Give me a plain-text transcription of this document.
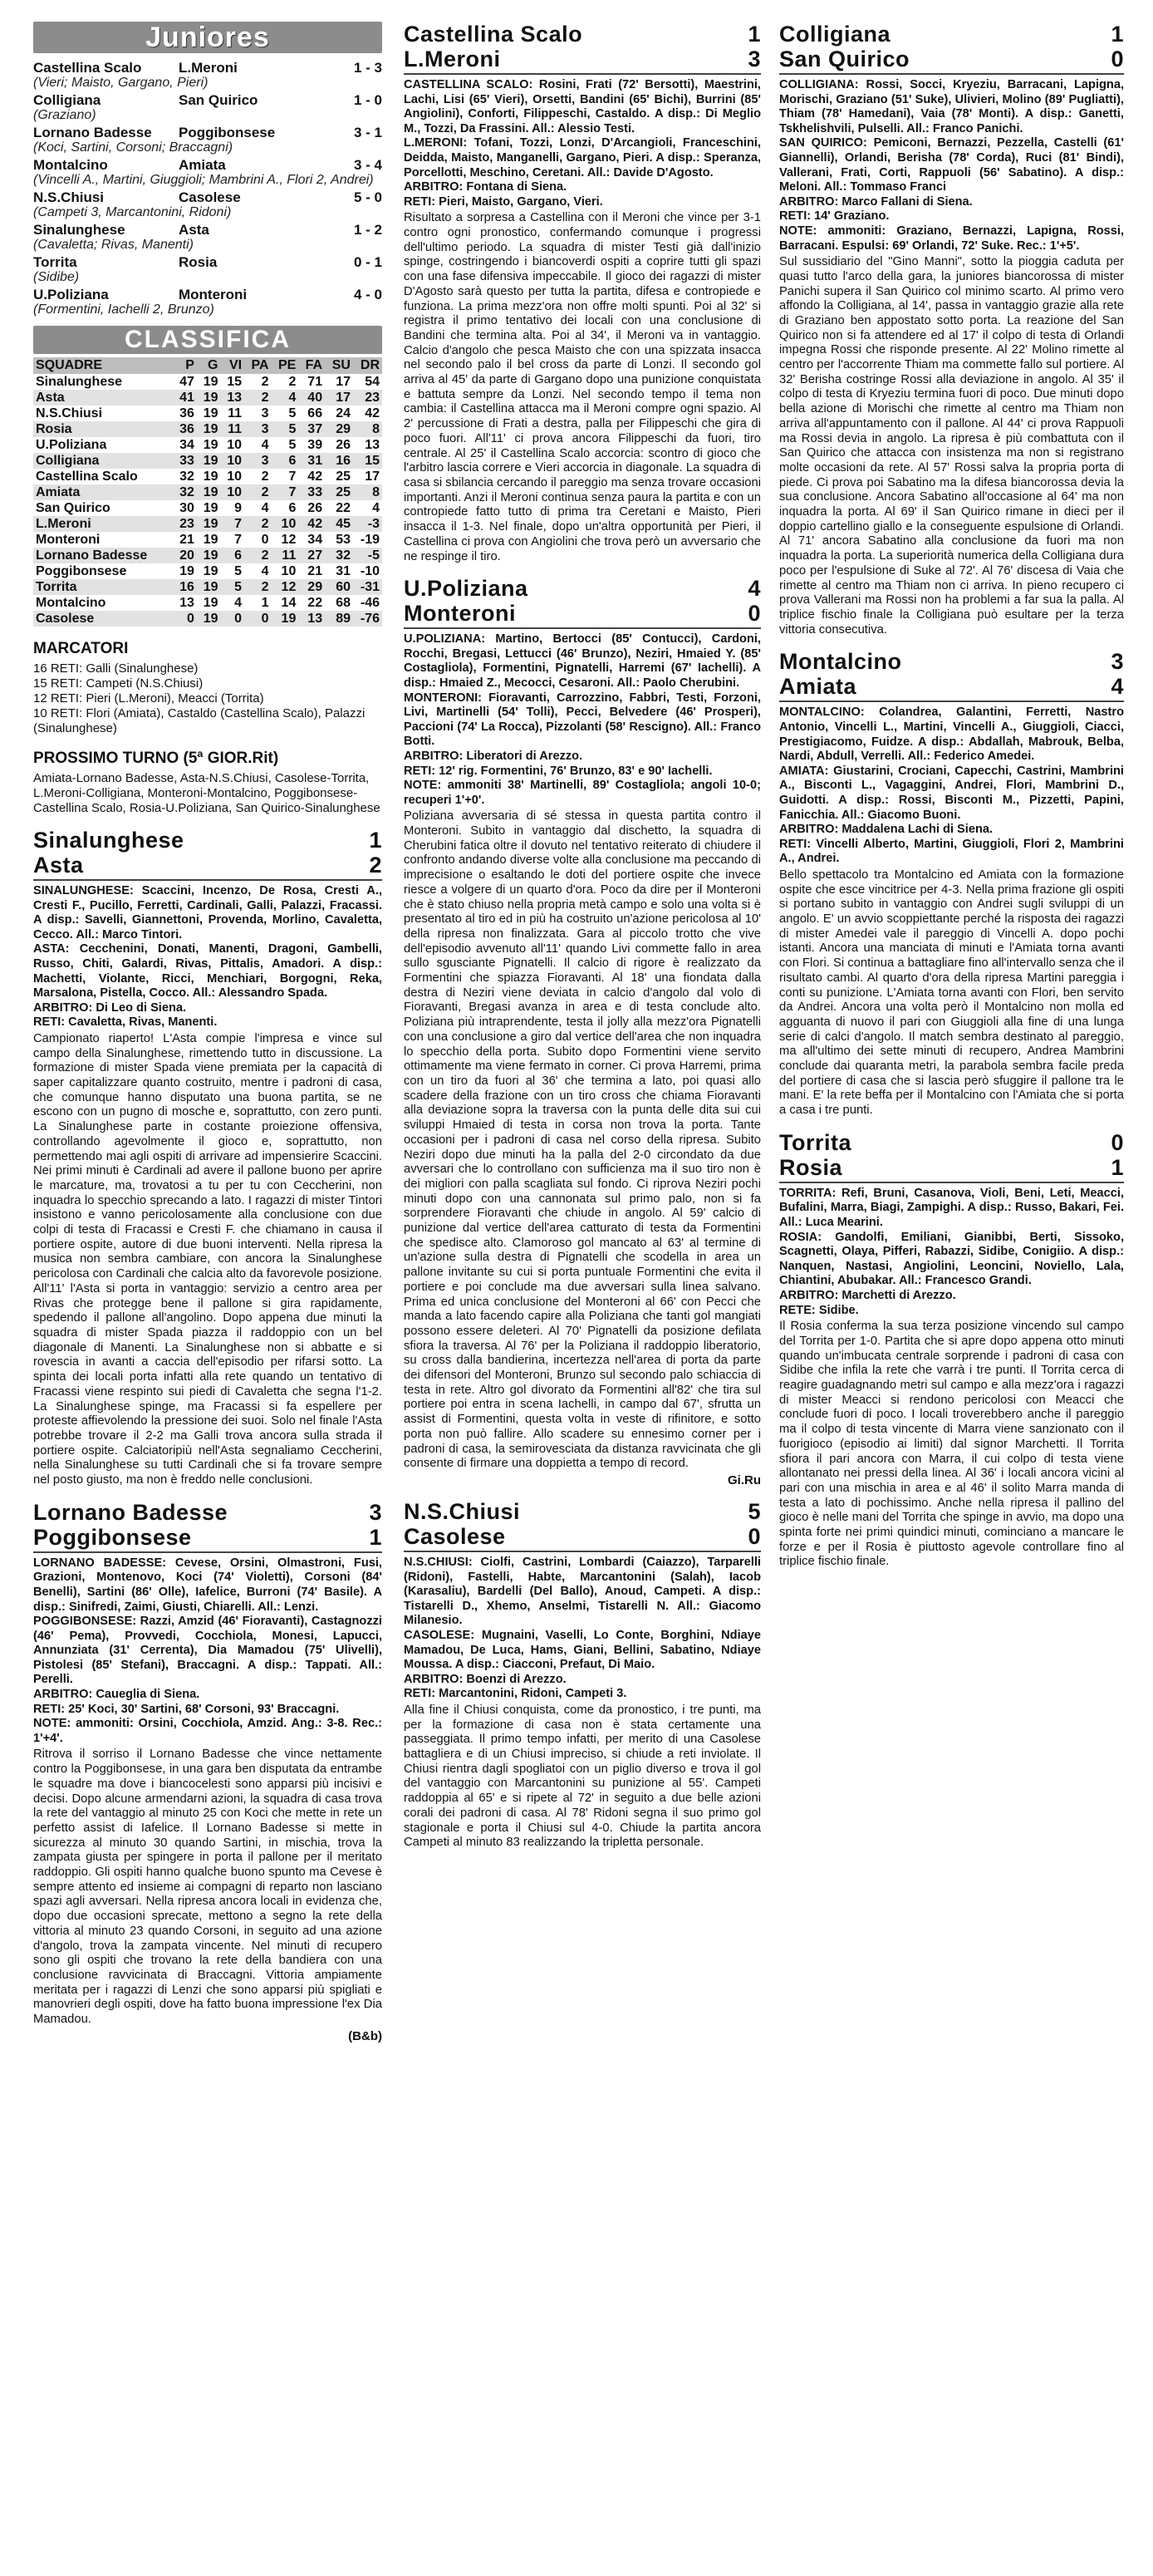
Juniores
Castellina Scalo	L.Meroni	1 - 3
(Vieri; Maisto, Gargano, Pieri)
Colligiana	San Quirico	1 - 0
(Graziano)
Lornano Badesse	Poggibonsese	3 - 1
(Koci, Sartini, Corsoni; Braccagni)
Montalcino	Amiata	3 - 4
(Vincelli A., Martini, Giuggioli; Mambrini A., Flori 2, Andrei)
N.S.Chiusi	Casolese	5 - 0
(Campeti 3, Marcantonini, Ridoni)
Sinalunghese	Asta	1 - 2
(Cavaletta; Rivas, Manenti)
Torrita	Rosia	0 - 1
(Sidibe)
U.Poliziana	Monteroni	4 - 0
(Formentini, Iachelli 2, Brunzo)
CLASSIFICA
SQUADRE	P	G	VI	PA	PE	FA	SU	DR
Sinalunghese	47	19	15	2	2	71	17	54
Asta	41	19	13	2	4	40	17	23
N.S.Chiusi	36	19	11	3	5	66	24	42
Rosia	36	19	11	3	5	37	29	8
U.Poliziana	34	19	10	4	5	39	26	13
Colligiana	33	19	10	3	6	31	16	15
Castellina Scalo	32	19	10	2	7	42	25	17
Amiata	32	19	10	2	7	33	25	8
San Quirico	30	19	9	4	6	26	22	4
L.Meroni	23	19	7	2	10	42	45	-3
Monteroni	21	19	7	0	12	34	53	-19
Lornano Badesse	20	19	6	2	11	27	32	-5
Poggibonsese	19	19	5	4	10	21	31	-10
Torrita	16	19	5	2	12	29	60	-31
Montalcino	13	19	4	1	14	22	68	-46
Casolese	0	19	0	0	19	13	89	-76
MARCATORI
16 RETI: Galli (Sinalunghese)
15 RETI: Campeti (N.S.Chiusi)
12 RETI: Pieri (L.Meroni), Meacci (Torrita)
10 RETI: Flori (Amiata), Castaldo (Castellina Scalo), Palazzi (Sinalunghese)
PROSSIMO TURNO (5ª GIOR.Rit)
Amiata-Lornano Badesse, Asta-N.S.Chiusi, Casolese-Torrita, L.Meroni-Colligiana, Monteroni-Montalcino, Poggibonsese-Castellina Scalo, Rosia-U.Poliziana, San Quirico-Sinalunghese
Sinalunghese	1
Asta	2
SINALUNGHESE: Scaccini, Incenzo, De Rosa, Cresti A., Cresti F., Pucillo, Ferretti, Cardinali, Galli, Palazzi, Fracassi. A disp.: Savelli, Giannettoni, Provenda, Morlino, Cavaletta, Cecco. All.: Marco Tintori.
ASTA: Cecchenini, Donati, Manenti, Dragoni, Gambelli, Russo, Chiti, Galardi, Rivas, Pittalis, Amadori. A disp.: Machetti, Violante, Ricci, Menchiari, Borgogni, Reka, Marsalona, Pistella, Cocco. All.: Alessandro Spada.
ARBITRO: Di Leo di Siena.
RETI: Cavaletta, Rivas, Manenti.
Campionato riaperto! L'Asta compie l'impresa e vince sul campo della Sinalunghese, rimettendo tutto in discussione. La formazione di mister Spada viene premiata per la capacità di saper capitalizzare quanto costruito, mentre i padroni di casa, che comunque hanno disputato una buona partita, se ne escono con un pugno di mosche e, soprattutto, con zero punti. La Sinalunghese parte in costante proiezione offensiva, controllando agevolmente il gioco e, soprattutto, non permettendo mai agli ospiti di arrivare ad impensierire Scaccini. Nei primi minuti è Cardinali ad avere il pallone buono per aprire le marcature, ma, trovatosi a tu per tu con Ceccherini, non inquadra lo specchio sprecando a lato. I ragazzi di mister Tintori insistono e vanno pericolosamente alla conclusione con due colpi di testa di Fracassi e Cresti F. che chiamano in causa il portiere ospite, autore di due buoni interventi. Nella ripresa la musica non sembra cambiare, con ancora la Sinalunghese pericolosa con Cardinali che calcia alto da favorevole posizione. All'11' l'Asta si porta in vantaggio: servizio a centro area per Rivas che protegge bene il pallone si gira rapidamente, spedendo il pallone all'angolino. Dopo appena due minuti la squadra di mister Spada piazza il raddoppio con un bel diagonale di Manenti. La Sinalunghese non si abbatte e si rovescia in avanti a caccia dell'episodio per rifarsi sotto. La spinta dei locali porta infatti alla rete quando un tentativo di Fracassi viene respinto sui piedi di Cavaletta che segna l'1-2. La Sinalunghese spinge, ma Fracassi si fa espellere per proteste affievolendo la pressione dei suoi. Solo nel finale l'Asta potrebbe trovare il 2-2 ma Galli trova ancora sulla strada il portiere ospite. Calciatoripiù nell'Asta segnaliamo Ceccherini, nella Sinalunghese su tutti Cardinali che si fa trovare sempre nel posto giusto, ma non è freddo nelle conclusioni.
Lornano Badesse	3
Poggibonsese	1
LORNANO BADESSE: Cevese, Orsini, Olmastroni, Fusi, Grazioni, Montenovo, Koci (74' Violetti), Corsoni (84' Benelli), Sartini (86' Olle), Iafelice, Burroni (74' Basile). A disp.: Sinifredi, Zaimi, Giusti, Chiarelli. All.: Lenzi.
POGGIBONSESE: Razzi, Amzid (46' Fioravanti), Castagnozzi (46' Pema), Provvedi, Cocchiola, Monesi, Lapucci, Annunziata (31' Cerrenta), Dia Mamadou (75' Ulivelli), Pistolesi (85' Stefani), Braccagni. A disp.: Tappati. All.: Perelli.
ARBITRO: Caueglia di Siena.
RETI: 25' Koci, 30' Sartini, 68' Corsoni, 93' Braccagni.
NOTE: ammoniti: Orsini, Cocchiola, Amzid. Ang.: 3-8. Rec.: 1'+4'.
Ritrova il sorriso il Lornano Badesse che vince nettamente contro la Poggibonsese, in una gara ben disputata da entrambe le squadre ma dove i biancocelesti sono apparsi più incisivi e decisi. Dopo alcune armendarni azioni, la squadra di casa trova la rete del vantaggio al minuto 25 con Koci che mette in rete un perfetto assist di Iafelice. Il Lornano Badesse si mette in sicurezza al minuto 30 quando Sartini, in mischia, trova la zampata giusta per spingere in porta il pallone per il meritato raddoppio. Gli ospiti hanno qualche buono spunto ma Cevese è sempre attento ed insieme ai compagni di reparto non lasciano spazi agli avversari. Nella ripresa ancora locali in evidenza che, dopo due occasioni sprecate, mettono a segno la rete della vittoria al minuto 23 quando Corsoni, in seguito ad una azione d'angolo, trova la zampata vincente. Nel minuti di recupero sono gli ospiti che trovano la rete della bandiera con una conclusione ravvicinata di Braccagni. Vittoria ampiamente meritata per i ragazzi di Lenzi che sono apparsi più spigliati e manovrieri degli ospiti, dove ha fatto buona impressione l'ex Dia Mamadou.
(B&b)
Castellina Scalo	1
L.Meroni	3
CASTELLINA SCALO: Rosini, Frati (72' Bersotti), Maestrini, Lachi, Lisi (65' Vieri), Orsetti, Bandini (65' Bichi), Burrini (85' Angiolini), Conforti, Filippeschi, Castaldo. A disp.: Di Meglio M., Tozzi, Da Frassini. All.: Alessio Testi.
L.MERONI: Tofani, Tozzi, Lonzi, D'Arcangioli, Franceschini, Deidda, Maisto, Manganelli, Gargano, Pieri. A disp.: Speranza, Porcellotti, Meschino, Ceretani. All.: Davide D'Agosto.
ARBITRO: Fontana di Siena.
RETI: Pieri, Maisto, Gargano, Vieri.
Risultato a sorpresa a Castellina con il Meroni che vince per 3-1 contro ogni pronostico, confermando comunque i progressi dell'ultimo periodo. La squadra di mister Testi già dall'inizio spinge, costringendo i biancoverdi ospiti a coprire tutti gli spazi con una fase difensiva impeccabile. Il gioco dei ragazzi di mister D'Agosto sarà questo per tutta la partita, difesa e contropiede e funziona. La prima mezz'ora non offre molti spunti. Poi al 32' si registra il primo tentativo dei locali con una conclusione di Bandini che termina alta. Poi al 34', il Meroni va in vantaggio. Calcio d'angolo che pesca Maisto che con una spizzata insacca nel secondo palo il bel cross da parte di Lonzi. Il secondo gol arriva al 45' da parte di Gargano dopo una punizione conquistata e battuta sempre da Lonzi. Nel secondo tempo il tema non cambia: il Castellina attacca ma il Meroni compre ogni spazio. Al 2' percussione di Frati a destra, palla per Filippeschi che gira di poco fuori. All'11' ci prova ancora Filippeschi da fuori, tiro centrale. Al 25' il Castellina Scalo accorcia: scontro di gioco che l'arbitro lascia correre e Vieri accorcia in diagonale. La squadra di casa si sbilancia cercando il pareggio ma senza trovare occasioni importanti. Anzi il Meroni continua senza paura la partita e con un contropiede fatto tutto di prima tra Ceretani e Maisto, Pieri insacca il 1-3. Nel finale, dopo un'altra opportunità per Pieri, il Castellina ci prova con Angiolini che trova però un avversario che ne respinge il tiro.
U.Poliziana	4
Monteroni	0
U.POLIZIANA: Martino, Bertocci (85' Contucci), Cardoni, Rocchi, Bregasi, Lettucci (46' Brunzo), Neziri, Hmaied Y. (85' Costagliola), Formentini, Pignatelli, Harremi (67' Iachelli). A disp.: Hmaied Z., Mecocci, Cesaroni. All.: Paolo Cherubini.
MONTERONI: Fioravanti, Carrozzino, Fabbri, Testi, Forzoni, Livi, Martinelli (54' Tolli), Pecci, Belvedere (46' Prosperi), Paccioni (74' La Rocca), Pizzolanti (58' Rescigno). All.: Franco Botti.
ARBITRO: Liberatori di Arezzo.
RETI: 12' rig. Formentini, 76' Brunzo, 83' e 90' Iachelli.
NOTE: ammoniti 38' Martinelli, 89' Costagliola; angoli 10-0; recuperi 1'+0'.
Poliziana avversaria di sé stessa in questa partita contro il Monteroni. Subito in vantaggio dal dischetto, la squadra di Cherubini fatica oltre il dovuto nel tentativo reiterato di chiudere il confronto andando diverse volte alla conclusione ma peccando di imprecisione o esaltando le doti del portiere ospite che invece riesce a volgere di un quarto d'ora. Poco da dire per il Monteroni che è stato chiuso nella propria metà campo e solo una volta si è presentato al tiro ed in più ha costruito un'azione pericolosa al 10' della ripresa non finalizzata. Gara al piccolo trotto che vive dell'episodio avvenuto all'11' quando Livi commette fallo in area sullo sgusciante Pignatelli. Il calcio di rigore è realizzato da Formentini che spiazza Fioravanti. Al 18' una fiondata dalla destra di Neziri viene deviata in calcio d'angolo dal volo di Fioravanti, Bregasi avanza in area e di testa conclude alto. Poliziana più intraprendente, testa il jolly alla mezz'ora Pignatelli con una conclusione a giro dal vertice dell'area che non inquadra lo specchio della porta. Subito dopo Formentini viene servito ottimamente ma viene fermato in corner. Ci prova Harremi, prima con un tiro da fuori al 36' che termina a lato, poi quasi allo scadere della frazione con un tiro cross che chiama Fioravanti alla deviazione sopra la traversa con la punta delle dita sui cui sviluppi Hmaied di testa in corsa non trova la porta. Tante occasioni per i padroni di casa nel corso della ripresa. Subito Neziri dopo due minuti ha la palla del 2-0 circondato da due avversari che lo controllano con sufficienza ma il suo tiro non è dei migliori con palla scagliata sul fondo. Ci riprova Neziri pochi minuti dopo con una cannonata sul primo palo, non si fa sorprendere Fioravanti che chiude in angolo. Al 59' calcio di punizione dal vertice dell'area catturato di testa da Formentini che spedisce alto. Clamoroso gol mancato al 63' al termine di un'azione sulla destra di Pignatelli che scodella in area un pallone invitante su cui si porta puntuale Formentini che evita il portiere e poi conclude ma due avversari sulla linea salvano. Prima ed unica conclusione del Monteroni al 66' con Pecci che manda a lato facendo capire alla Poliziana che tanti gol mangiati possono essere deleteri. Al 70' Pignatelli da posizione defilata sfiora la traversa. Al 76' per la Poliziana il raddoppio liberatorio, su cross dalla bandierina, incertezza nell'area di porta da parte dei difensori del Monteroni, Brunzo sul secondo palo schiaccia di testa in rete. Altro gol divorato da Formentini all'82' che tira sul portiere poi entra in scena Iachelli, in campo dal 67', sfrutta un assist di Formentini, questa volta in veste di rifinitore, e sotto porta non può fallire. Allo scadere su ennesimo corner per i padroni di casa, la semirovesciata da distanza ravvicinata che gli consente di firmare una doppietta a tempo di record.
Gi.Ru
N.S.Chiusi	5
Casolese	0
N.S.CHIUSI: Ciolfi, Castrini, Lombardi (Caiazzo), Tarparelli (Ridoni), Fastelli, Habte, Marcantonini (Salah), Iacob (Karasaliu), Bardelli (Del Ballo), Anoud, Campeti. A disp.: Tistarelli D., Xhemo, Anselmi, Tistarelli N. All.: Giacomo Milanesio.
CASOLESE: Mugnaini, Vaselli, Lo Conte, Borghini, Ndiaye Mamadou, De Luca, Hams, Giani, Bellini, Sabatino, Ndiaye Moussa. A disp.: Ciacconi, Prefaut, Di Maio.
ARBITRO: Boenzi di Arezzo.
RETI: Marcantonini, Ridoni, Campeti 3.
Alla fine il Chiusi conquista, come da pronostico, i tre punti, ma per la formazione di casa non è stata certamente una passeggiata. Il primo tempo infatti, per merito di una Casolese battagliera e di un Chiusi impreciso, si chiude a reti inviolate. Il Chiusi rientra dagli spogliatoi con un piglio diverso e trova il gol del vantaggio con Marcantonini su punizione al 55'. Campeti raddoppia al 65' e si ripete al 72' in seguito a due belle azioni corali dei padroni di casa. Al 78' Ridoni segna il suo primo gol stagionale e porta il Chiusi sul 4-0. Chiude la partita ancora Campeti al minuto 83 realizzando la tripletta personale.
Colligiana	1
San Quirico	0
COLLIGIANA: Rossi, Socci, Kryeziu, Barracani, Lapigna, Morischi, Graziano (51' Suke), Ulivieri, Molino (89' Pugliatti), Thiam (78' Hamedani), Vaia (78' Monti). A disp.: Ganetti, Tskhelishvili, Pulselli. All.: Franco Panichi.
SAN QUIRICO: Pemiconi, Bernazzi, Pezzella, Castelli (61' Giannelli), Orlandi, Berisha (78' Corda), Ruci (81' Bindi), Vallerani, Frati, Corti, Rappuoli (56' Sabatino). A disp.: Meloni. All.: Tommaso Franci
ARBITRO: Marco Fallani di Siena.
RETI: 14' Graziano.
NOTE: ammoniti: Graziano, Bernazzi, Lapigna, Rossi, Barracani. Espulsi: 69' Orlandi, 72' Suke. Rec.: 1'+5'.
Sul sussidiario del "Gino Manni", sotto la pioggia caduta per quasi tutto l'arco della gara, la juniores biancorossa di mister Panichi supera il San Quirico col minimo scarto. Al primo vero affondo la Colligiana, al 14', passa in vantaggio grazie alla rete di Graziano ben appostato sotto porta. La reazione del San Quirico non si fa attendere ed al 17' il colpo di testa di Orlandi impegna Rossi che risponde presente. Al 22' Molino rimette al centro per l'accorrente Thiam ma commette fallo sul portiere. Al 32' Berisha costringe Rossi alla deviazione in angolo. Al 35' il colpo di testa di Kryeziu termina fuori di poco. Due minuti dopo bella azione di Morischi che rimette al centro ma Thiam non arriva all'appuntamento con il pallone. Al 44' ci prova Rappuoli ma Rossi devia in angolo. La ripresa è più combattuta con il San Quirico che attacca con insistenza ma non si registrano molte occasioni da rete. Al 57' Rossi salva la propria porta di piede. Ci prova poi Sabatino ma la difesa biancorossa devia la sua conclusione. Ancora Sabatino all'occasione al 64' ma non inquadra la porta. Al 69' il San Quirico rimane in dieci per il doppio cartellino giallo e la conseguente espulsione di Orlandi. Al 71' ancora Sabatino alla conclusione da fuori ma non inquadra la porta. La superiorità numerica della Colligiana dura poco per l'espulsione di Suke al 72'. Al 76' discesa di Vaia che rimette al centro ma Thiam non ci arriva. In pieno recupero ci prova Vallerani ma Rossi non ha problemi a far sua la palla. Al triplice fischio finale la Colligiana può esultare per la terza vittoria consecutiva.
Montalcino	3
Amiata	4
MONTALCINO: Colandrea, Galantini, Ferretti, Nastro Antonio, Vincelli L., Martini, Vincelli A., Giuggioli, Ciacci, Prestigiacomo, Fuidze. A disp.: Abdallah, Mabrouk, Belba, Nardi, Abdull, Verrelli. All.: Federico Amedei.
AMIATA: Giustarini, Crociani, Capecchi, Castrini, Mambrini A., Bisconti L., Vagaggini, Andrei, Flori, Mambrini D., Guidotti. A disp.: Rossi, Bisconti M., Pizzetti, Papini, Fanicchia. All.: Giacomo Buoni.
ARBITRO: Maddalena Lachi di Siena.
RETI: Vincelli Alberto, Martini, Giuggioli, Flori 2, Mambrini A., Andrei.
Bello spettacolo tra Montalcino ed Amiata con la formazione ospite che esce vincitrice per 4-3. Nella prima frazione gli ospiti si portano subito in vantaggio con Andrei sugli sviluppi di un angolo. E' un avvio scoppiettante perché la risposta dei ragazzi di mister Amedei vale il pareggio di Vincelli A. dopo pochi istanti. Ancora una manciata di minuti e l'Amiata torna avanti con Flori. Si continua a battagliare fino all'intervallo senza che il risultato cambi. Al quarto d'ora della ripresa Martini pareggia i conti su punizione. L'Amiata torna avanti con Flori, ben servito da Andrei. Ancora una volta però il Montalcino non molla ed agguanta di nuovo il pari con Giuggioli alla fine di una lunga serie di calci d'angolo. Il match sembra destinato al pareggio, ma all'ultimo dei sette minuti di recupero, Andrea Mambrini conclude dai quaranta metri, la parabola sembra facile preda del portiere di casa che si lascia però sfuggire il pallone tra le mani. E' la rete beffa per il Montalcino con l'Amiata che si porta a casa i tre punti.
Torrita	0
Rosia	1
TORRITA: Refi, Bruni, Casanova, Violi, Beni, Leti, Meacci, Bufalini, Marra, Biagi, Zampighi. A disp.: Russo, Bakari, Fei. All.: Luca Mearini.
ROSIA: Gandolfi, Emiliani, Gianibbi, Berti, Sissoko, Scagnetti, Olaya, Pifferi, Rabazzi, Sidibe, Conigiio. A disp.: Nanquen, Nastasi, Angiolini, Leoncini, Noviello, Lala, Chiantini, Abubakar. All.: Francesco Grandi.
ARBITRO: Marchetti di Arezzo.
RETE: Sidibe.
Il Rosia conferma la sua terza posizione vincendo sul campo del Torrita per 1-0. Partita che si apre dopo appena otto minuti quando un'imbucata centrale sorprende i padroni di casa con Sidibe che infila la rete che varrà i tre punti. Il Torrita cerca di reagire guadagnando metri sul campo e alla mezz'ora i ragazzi di mister Meacci si rendono pericolosi con Meacci che conclude fuori di poco. I locali troverebbero anche il pareggio ma il colpo di testa vincente di Marra viene sanzionato con il fuorigioco (episodio ai limiti) dal signor Marchetti. Il Torrita sfiora il pari ancora con Marra, il cui colpo di testa viene allontanato nei pressi della linea. Al 36' i locali ancora vicini al pari con una mischia in area e al 46' il solito Marra manda di testa a lato di pochissimo. Anche nella ripresa il pallino del gioco è nelle mani del Torrita che spinge in avvio, ma dopo una spinta forte nei primi quindici minuti, cominciano a mancare le forze e per il Rosia è piuttosto agevole controllare fino al triplice fischio finale.
